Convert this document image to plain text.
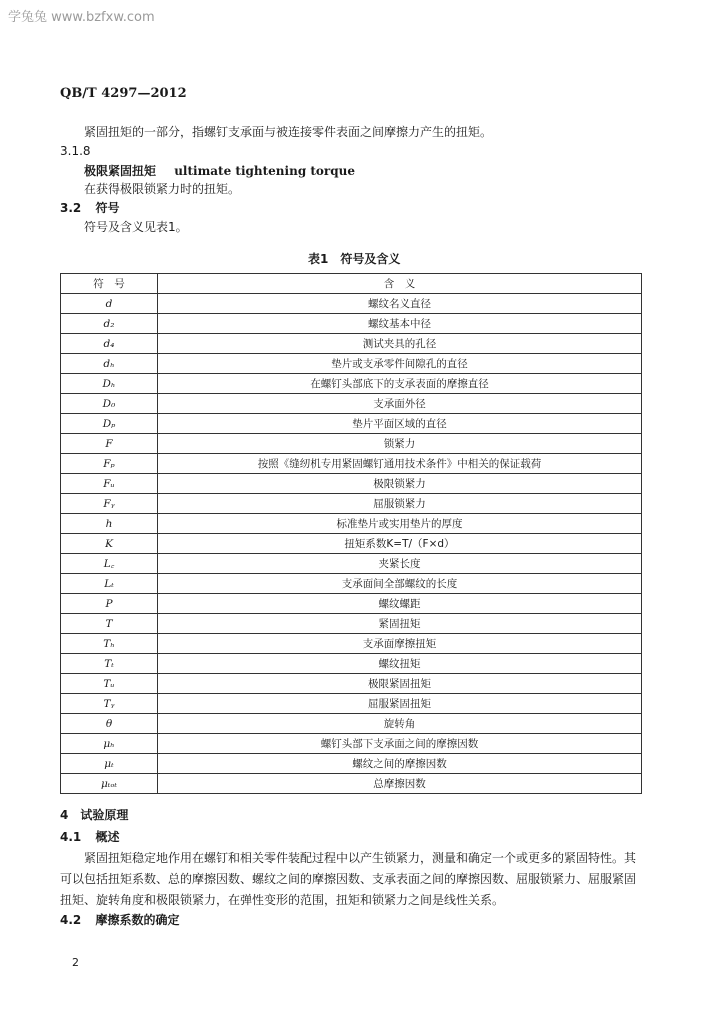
学兔兔 www.bzfxw.com
QB/T 4297—2012
紧固扭矩的一部分，指螺钉支承面与被连接零件表面之间摩擦力产生的扭矩。
3.1.8
极限紧固扭矩 ultimate tightening torque
在获得极限锁紧力时的扭矩。
3.2 符号
符号及含义见表1。
表1　符号及含义
符　号	含　义
d	螺纹名义直径
d₂	螺纹基本中径
d₄	测试夹具的孔径
dₕ	垫片或支承零件间隙孔的直径
Dₕ	在螺钉头部底下的支承表面的摩擦直径
D₀	支承面外径
Dₚ	垫片平面区域的直径
F	锁紧力
Fₚ	按照《缝纫机专用紧固螺钉通用技术条件》中相关的保证载荷
Fᵤ	极限锁紧力
Fᵧ	屈服锁紧力
h	标准垫片或实用垫片的厚度
K	扭矩系数K=T/（F×d）
L꜀	夹紧长度
Lₜ	支承面间全部螺纹的长度
P	螺纹螺距
T	紧固扭矩
Tₕ	支承面摩擦扭矩
Tₜ	螺纹扭矩
Tᵤ	极限紧固扭矩
Tᵧ	屈服紧固扭矩
θ	旋转角
μₕ	螺钉头部下支承面之间的摩擦因数
μₜ	螺纹之间的摩擦因数
μₜₒₜ	总摩擦因数
4　试验原理
4.1 概述
紧固扭矩稳定地作用在螺钉和相关零件装配过程中以产生锁紧力，测量和确定一个或更多的紧固特性。其可以包括扭矩系数、总的摩擦因数、螺纹之间的摩擦因数、支承表面之间的摩擦因数、屈服锁紧力、屈服紧固扭矩、旋转角度和极限锁紧力，在弹性变形的范围，扭矩和锁紧力之间是线性关系。
4.2 摩擦系数的确定
2
